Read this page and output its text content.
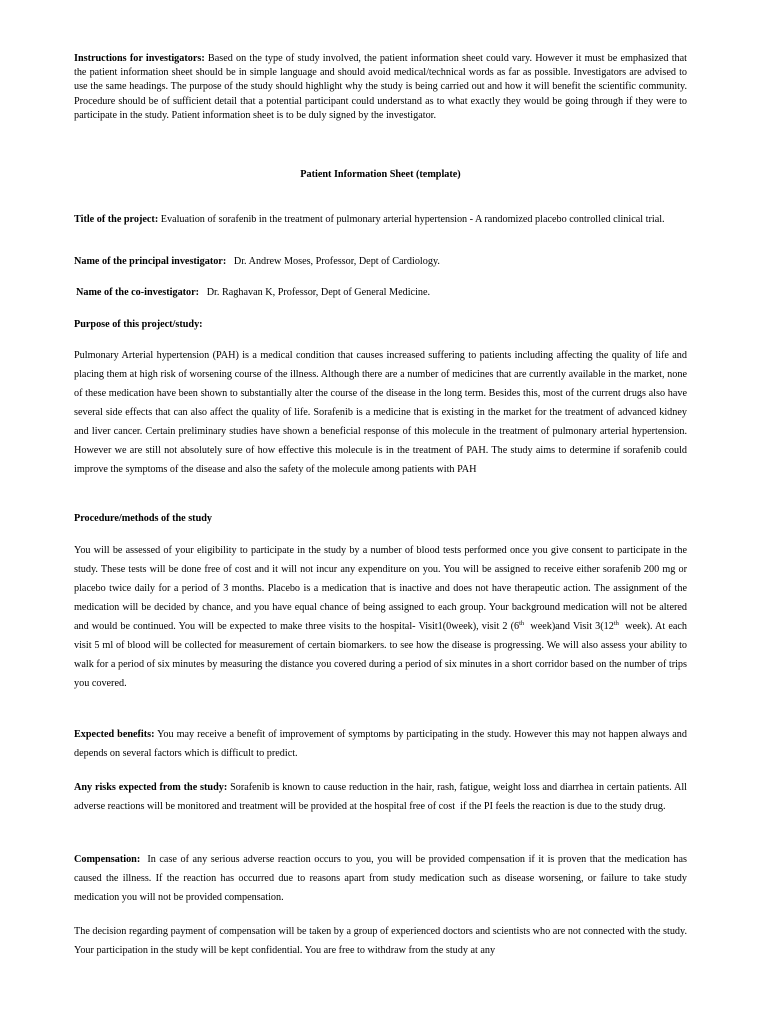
Instructions for investigators: Based on the type of study involved, the patient information sheet could vary. However it must be emphasized that the patient information sheet should be in simple language and should avoid medical/technical words as far as possible. Investigators are advised to use the same headings. The purpose of the study should highlight why the study is being carried out and how it will benefit the scientific community. Procedure should be of sufficient detail that a potential participant could understand as to what exactly they would be going through if they were to participate in the study. Patient information sheet is to be duly signed by the investigator.

Patient Information Sheet (template)

Title of the project: Evaluation of sorafenib in the treatment of pulmonary arterial hypertension - A randomized placebo controlled clinical trial.

Name of the principal investigator:   Dr. Andrew Moses, Professor, Dept of Cardiology.

Name of the co-investigator:   Dr. Raghavan K, Professor, Dept of General Medicine.

Purpose of this project/study:

Pulmonary Arterial hypertension (PAH) is a medical condition that causes increased suffering to patients including affecting the quality of life and placing them at high risk of worsening course of the illness. Although there are a number of medicines that are currently available in the market, none of these medication have been shown to substantially alter the course of the disease in the long term. Besides this, most of the current drugs also have several side effects that can also affect the quality of life. Sorafenib is a medicine that is existing in the market for the treatment of advanced kidney and liver cancer. Certain preliminary studies have shown a beneficial response of this molecule in the treatment of pulmonary arterial hypertension. However we are still not absolutely sure of how effective this molecule is in the treatment of PAH. The study aims to determine if sorafenib could improve the symptoms of the disease and also the safety of the molecule among patients with PAH

Procedure/methods of the study

You will be assessed of your eligibility to participate in the study by a number of blood tests performed once you give consent to participate in the study. These tests will be done free of cost and it will not incur any expenditure on you. You will be assigned to receive either sorafenib 200 mg or placebo twice daily for a period of 3 months. Placebo is a medication that is inactive and does not have therapeutic action. The assignment of the medication will be decided by chance, and you have equal chance of being assigned to each group. Your background medication will not be altered and would be continued. You will be expected to make three visits to the hospital- Visit1(0week), visit 2 (6th  week)and Visit 3(12th  week). At each visit 5 ml of blood will be collected for measurement of certain biomarkers. to see how the disease is progressing. We will also assess your ability to walk for a period of six minutes by measuring the distance you covered during a period of six minutes in a short corridor based on the number of trips you covered.

Expected benefits: You may receive a benefit of improvement of symptoms by participating in the study. However this may not happen always and depends on several factors which is difficult to predict.

Any risks expected from the study: Sorafenib is known to cause reduction in the hair, rash, fatigue, weight loss and diarrhea in certain patients. All adverse reactions will be monitored and treatment will be provided at the hospital free of cost  if the PI feels the reaction is due to the study drug.

Compensation:  In case of any serious adverse reaction occurs to you, you will be provided compensation if it is proven that the medication has caused the illness. If the reaction has occurred due to reasons apart from study medication such as disease worsening, or failure to take study medication you will not be provided compensation.

The decision regarding payment of compensation will be taken by a group of experienced doctors and scientists who are not connected with the study. Your participation in the study will be kept confidential. You are free to withdraw from the study at any
